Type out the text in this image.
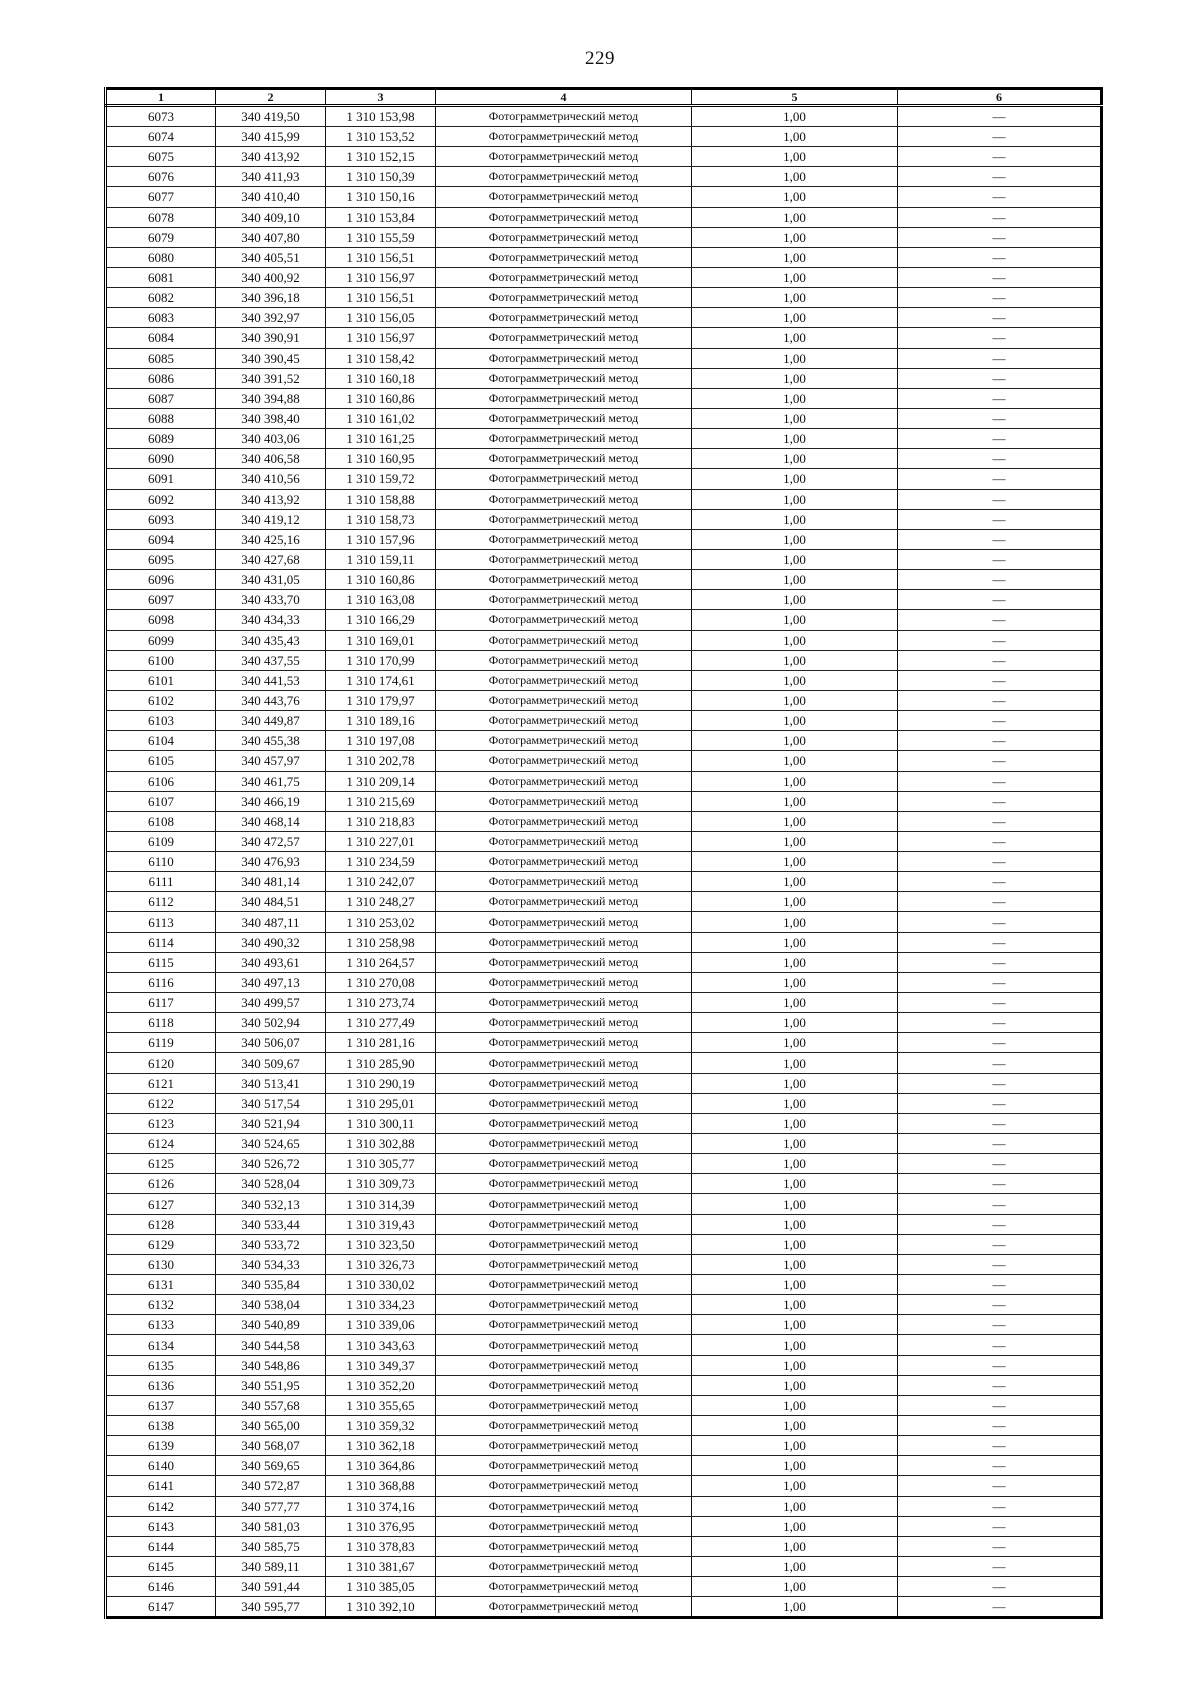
229
1	2	3	4	5	6
6073	340 419,50	1 310 153,98	Фотограмметрический метод	1,00	—
6074	340 415,99	1 310 153,52	Фотограмметрический метод	1,00	—
6075	340 413,92	1 310 152,15	Фотограмметрический метод	1,00	—
6076	340 411,93	1 310 150,39	Фотограмметрический метод	1,00	—
6077	340 410,40	1 310 150,16	Фотограмметрический метод	1,00	—
6078	340 409,10	1 310 153,84	Фотограмметрический метод	1,00	—
6079	340 407,80	1 310 155,59	Фотограмметрический метод	1,00	—
6080	340 405,51	1 310 156,51	Фотограмметрический метод	1,00	—
6081	340 400,92	1 310 156,97	Фотограмметрический метод	1,00	—
6082	340 396,18	1 310 156,51	Фотограмметрический метод	1,00	—
6083	340 392,97	1 310 156,05	Фотограмметрический метод	1,00	—
6084	340 390,91	1 310 156,97	Фотограмметрический метод	1,00	—
6085	340 390,45	1 310 158,42	Фотограмметрический метод	1,00	—
6086	340 391,52	1 310 160,18	Фотограмметрический метод	1,00	—
6087	340 394,88	1 310 160,86	Фотограмметрический метод	1,00	—
6088	340 398,40	1 310 161,02	Фотограмметрический метод	1,00	—
6089	340 403,06	1 310 161,25	Фотограмметрический метод	1,00	—
6090	340 406,58	1 310 160,95	Фотограмметрический метод	1,00	—
6091	340 410,56	1 310 159,72	Фотограмметрический метод	1,00	—
6092	340 413,92	1 310 158,88	Фотограмметрический метод	1,00	—
6093	340 419,12	1 310 158,73	Фотограмметрический метод	1,00	—
6094	340 425,16	1 310 157,96	Фотограмметрический метод	1,00	—
6095	340 427,68	1 310 159,11	Фотограмметрический метод	1,00	—
6096	340 431,05	1 310 160,86	Фотограмметрический метод	1,00	—
6097	340 433,70	1 310 163,08	Фотограмметрический метод	1,00	—
6098	340 434,33	1 310 166,29	Фотограмметрический метод	1,00	—
6099	340 435,43	1 310 169,01	Фотограмметрический метод	1,00	—
6100	340 437,55	1 310 170,99	Фотограмметрический метод	1,00	—
6101	340 441,53	1 310 174,61	Фотограмметрический метод	1,00	—
6102	340 443,76	1 310 179,97	Фотограмметрический метод	1,00	—
6103	340 449,87	1 310 189,16	Фотограмметрический метод	1,00	—
6104	340 455,38	1 310 197,08	Фотограмметрический метод	1,00	—
6105	340 457,97	1 310 202,78	Фотограмметрический метод	1,00	—
6106	340 461,75	1 310 209,14	Фотограмметрический метод	1,00	—
6107	340 466,19	1 310 215,69	Фотограмметрический метод	1,00	—
6108	340 468,14	1 310 218,83	Фотограмметрический метод	1,00	—
6109	340 472,57	1 310 227,01	Фотограмметрический метод	1,00	—
6110	340 476,93	1 310 234,59	Фотограмметрический метод	1,00	—
6111	340 481,14	1 310 242,07	Фотограмметрический метод	1,00	—
6112	340 484,51	1 310 248,27	Фотограмметрический метод	1,00	—
6113	340 487,11	1 310 253,02	Фотограмметрический метод	1,00	—
6114	340 490,32	1 310 258,98	Фотограмметрический метод	1,00	—
6115	340 493,61	1 310 264,57	Фотограмметрический метод	1,00	—
6116	340 497,13	1 310 270,08	Фотограмметрический метод	1,00	—
6117	340 499,57	1 310 273,74	Фотограмметрический метод	1,00	—
6118	340 502,94	1 310 277,49	Фотограмметрический метод	1,00	—
6119	340 506,07	1 310 281,16	Фотограмметрический метод	1,00	—
6120	340 509,67	1 310 285,90	Фотограмметрический метод	1,00	—
6121	340 513,41	1 310 290,19	Фотограмметрический метод	1,00	—
6122	340 517,54	1 310 295,01	Фотограмметрический метод	1,00	—
6123	340 521,94	1 310 300,11	Фотограмметрический метод	1,00	—
6124	340 524,65	1 310 302,88	Фотограмметрический метод	1,00	—
6125	340 526,72	1 310 305,77	Фотограмметрический метод	1,00	—
6126	340 528,04	1 310 309,73	Фотограмметрический метод	1,00	—
6127	340 532,13	1 310 314,39	Фотограмметрический метод	1,00	—
6128	340 533,44	1 310 319,43	Фотограмметрический метод	1,00	—
6129	340 533,72	1 310 323,50	Фотограмметрический метод	1,00	—
6130	340 534,33	1 310 326,73	Фотограмметрический метод	1,00	—
6131	340 535,84	1 310 330,02	Фотограмметрический метод	1,00	—
6132	340 538,04	1 310 334,23	Фотограмметрический метод	1,00	—
6133	340 540,89	1 310 339,06	Фотограмметрический метод	1,00	—
6134	340 544,58	1 310 343,63	Фотограмметрический метод	1,00	—
6135	340 548,86	1 310 349,37	Фотограмметрический метод	1,00	—
6136	340 551,95	1 310 352,20	Фотограмметрический метод	1,00	—
6137	340 557,68	1 310 355,65	Фотограмметрический метод	1,00	—
6138	340 565,00	1 310 359,32	Фотограмметрический метод	1,00	—
6139	340 568,07	1 310 362,18	Фотограмметрический метод	1,00	—
6140	340 569,65	1 310 364,86	Фотограмметрический метод	1,00	—
6141	340 572,87	1 310 368,88	Фотограмметрический метод	1,00	—
6142	340 577,77	1 310 374,16	Фотограмметрический метод	1,00	—
6143	340 581,03	1 310 376,95	Фотограмметрический метод	1,00	—
6144	340 585,75	1 310 378,83	Фотограмметрический метод	1,00	—
6145	340 589,11	1 310 381,67	Фотограмметрический метод	1,00	—
6146	340 591,44	1 310 385,05	Фотограмметрический метод	1,00	—
6147	340 595,77	1 310 392,10	Фотограмметрический метод	1,00	—
